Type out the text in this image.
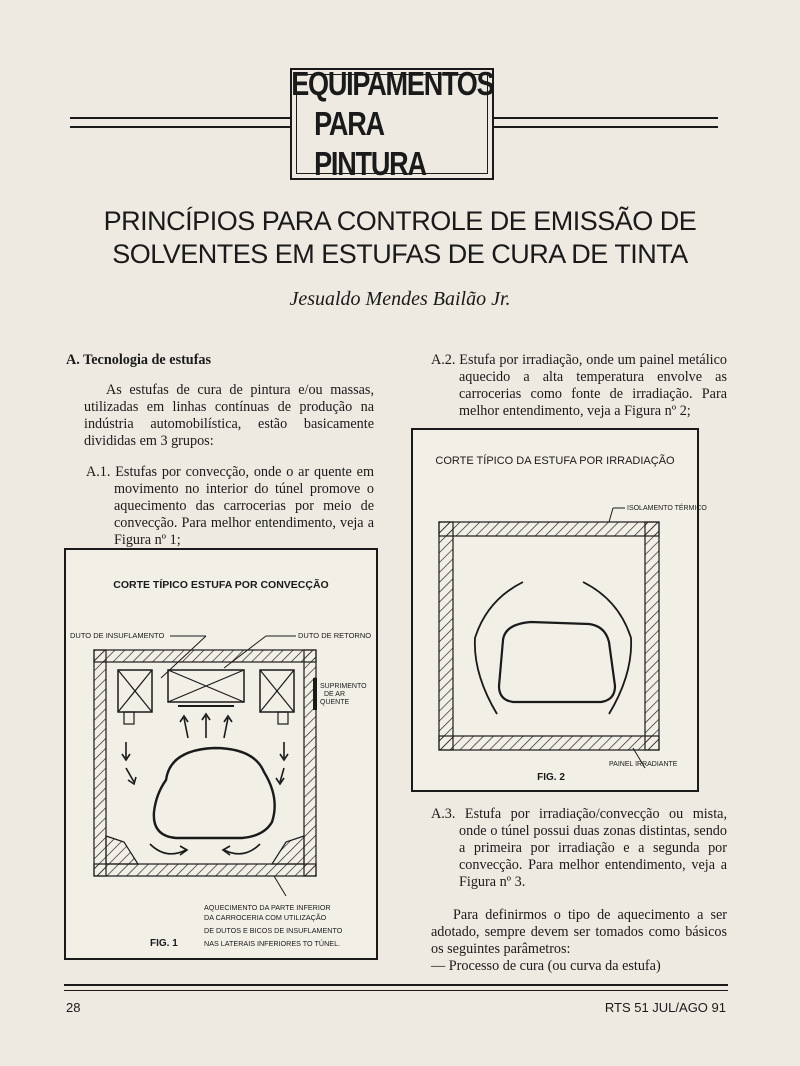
EQUIPAMENTOS
PARA PINTURA
PRINCÍPIOS PARA CONTROLE DE EMISSÃO DE
SOLVENTES EM ESTUFAS DE CURA DE TINTA
Jesualdo Mendes Bailão Jr.

A. Tecnologia de estufas

As estufas de cura de pintura e/ou massas, utilizadas em linhas contínuas de produção na indústria automobilística, estão basicamente divididas em 3 grupos:

A.1. Estufas por convecção, onde o ar quente em movimento no interior do túnel promove o aquecimento das carrocerias por meio de convecção. Para melhor entendimento, veja a Figura nº 1;

A.2. Estufa por irradiação, onde um painel metálico aquecido a alta temperatura envolve as carrocerias como fonte de irradiação. Para melhor entendimento, veja a Figura nº 2;

A.3. Estufa por irradiação/convecção ou mista, onde o túnel possui duas zonas distintas, sendo a primeira por irradiação e a segunda por convecção. Para melhor entendimento, veja a Figura nº 3.

Para definirmos o tipo de aquecimento a ser adotado, sempre devem ser tomados como básicos os seguintes parâmetros:

— Processo de cura (ou curva da estufa)

CORTE TÍPICO ESTUFA POR CONVECÇÃO
DUTO DE INSUFLAMENTO	DUTO DE RETORNO
SUPRIMENTO
DE AR
QUENTE
AQUECIMENTO DA PARTE INFERIOR
DA CARROCERIA COM UTILIZAÇÃO
DE DUTOS E BICOS DE INSUFLAMENTO
NAS LATERAIS INFERIORES TO TÚNEL.
FIG. 1
CORTE TÍPICO DA ESTUFA POR IRRADIAÇÃO
ISOLAMENTO TÉRMICO
PAINEL IRRADIANTE
FIG. 2
28	RTS 51 JUL/AGO 91
